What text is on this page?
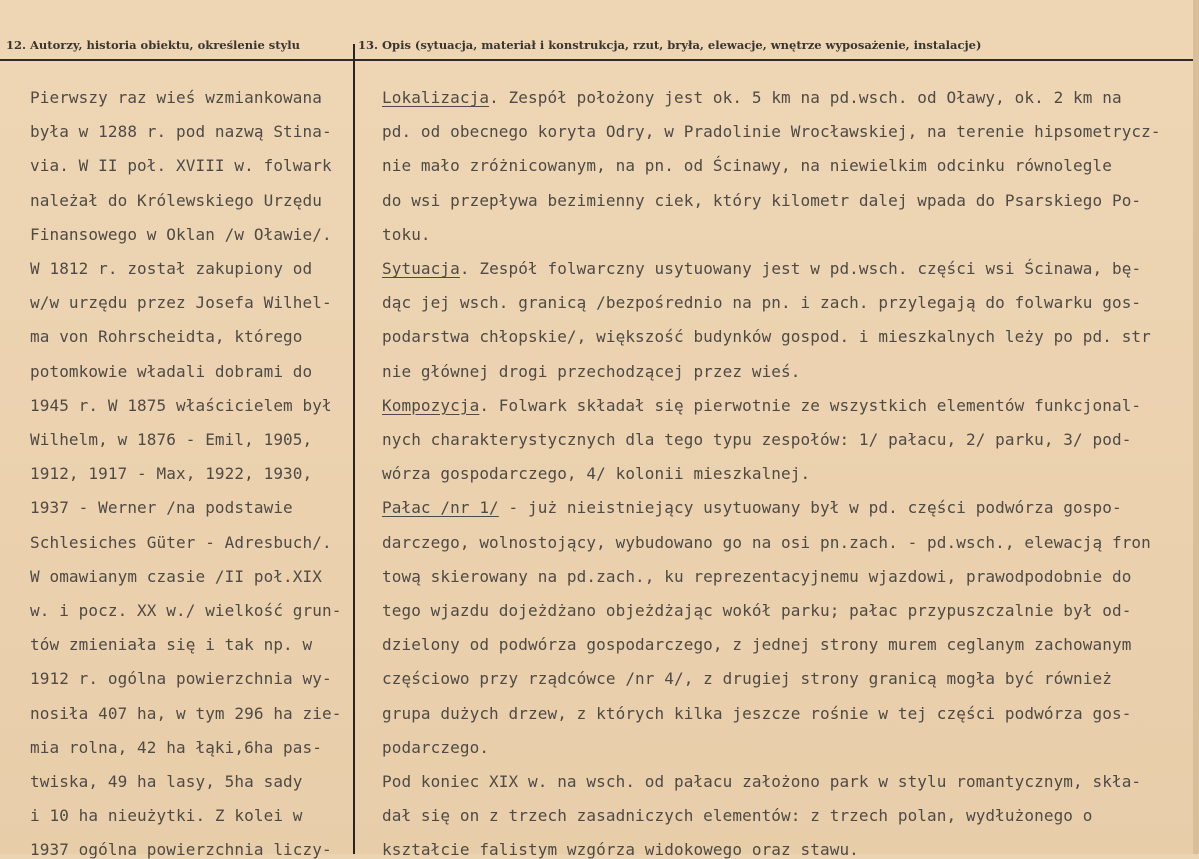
12. Autorzy, historia obiektu, określenie stylu	13. Opis (sytuacja, materiał i konstrukcja, rzut, bryła, elewacje, wnętrze wyposażenie, instalacje)
Pierwszy raz wieś wzmiankowana
była w 1288 r. pod nazwą Stina-
via. W II poł. XVIII w. folwark
należał do Królewskiego Urzędu
Finansowego w Oklan /w Oławie/.
W 1812 r. został zakupiony od
w/w urzędu przez Josefa Wilhel-
ma von Rohrscheidta, którego
potomkowie władali dobrami do
1945 r. W 1875 właścicielem był
Wilhelm, w 1876 - Emil, 1905,
1912, 1917 - Max, 1922, 1930,
1937 - Werner /na podstawie
Schlesiches Güter - Adresbuch/.
W omawianym czasie /II poł.XIX
w. i pocz. XX w./ wielkość grun-
tów zmieniała się i tak np. w
1912 r. ogólna powierzchnia wy-
nosiła 407 ha, w tym 296 ha zie-
mia rolna, 42 ha łąki,6ha pas-
twiska, 49 ha lasy, 5ha sady
i 10 ha nieużytki. Z kolei w
1937 ogólna powierzchnia liczy-
Lokalizacja. Zespół położony jest ok. 5 km na pd.wsch. od Oławy, ok. 2 km na
pd. od obecnego koryta Odry, w Pradolinie Wrocławskiej, na terenie hipsometrycz-
nie mało zróżnicowanym, na pn. od Ścinawy, na niewielkim odcinku równolegle
do wsi przepływa bezimienny ciek, który kilometr dalej wpada do Psarskiego Po-
toku.
Sytuacja. Zespół folwarczny usytuowany jest w pd.wsch. części wsi Ścinawa, bę-
dąc jej wsch. granicą /bezpośrednio na pn. i zach. przylegają do folwarku gos-
podarstwa chłopskie/, większość budynków gospod. i mieszkalnych leży po pd. str
nie głównej drogi przechodzącej przez wieś.
Kompozycja. Folwark składał się pierwotnie ze wszystkich elementów funkcjonal-
nych charakterystycznych dla tego typu zespołów: 1/ pałacu, 2/ parku, 3/ pod-
wórza gospodarczego, 4/ kolonii mieszkalnej.
Pałac /nr 1/ - już nieistniejący usytuowany był w pd. części podwórza gospo-
darczego, wolnostojący, wybudowano go na osi pn.zach. - pd.wsch., elewacją fron
tową skierowany na pd.zach., ku reprezentacyjnemu wjazdowi, prawodpodobnie do
tego wjazdu dojeżdżano objeżdżając wokół parku; pałac przypuszczalnie był od-
dzielony od podwórza gospodarczego, z jednej strony murem ceglanym zachowanym
częściowo przy rządcówce /nr 4/, z drugiej strony granicą mogła być również
grupa dużych drzew, z których kilka jeszcze rośnie w tej części podwórza gos-
podarczego.
Pod koniec XIX w. na wsch. od pałacu założono park w stylu romantycznym, skła-
dał się on z trzech zasadniczych elementów: z trzech polan, wydłużonego o
kształcie falistym wzgórza widokowego oraz stawu.
